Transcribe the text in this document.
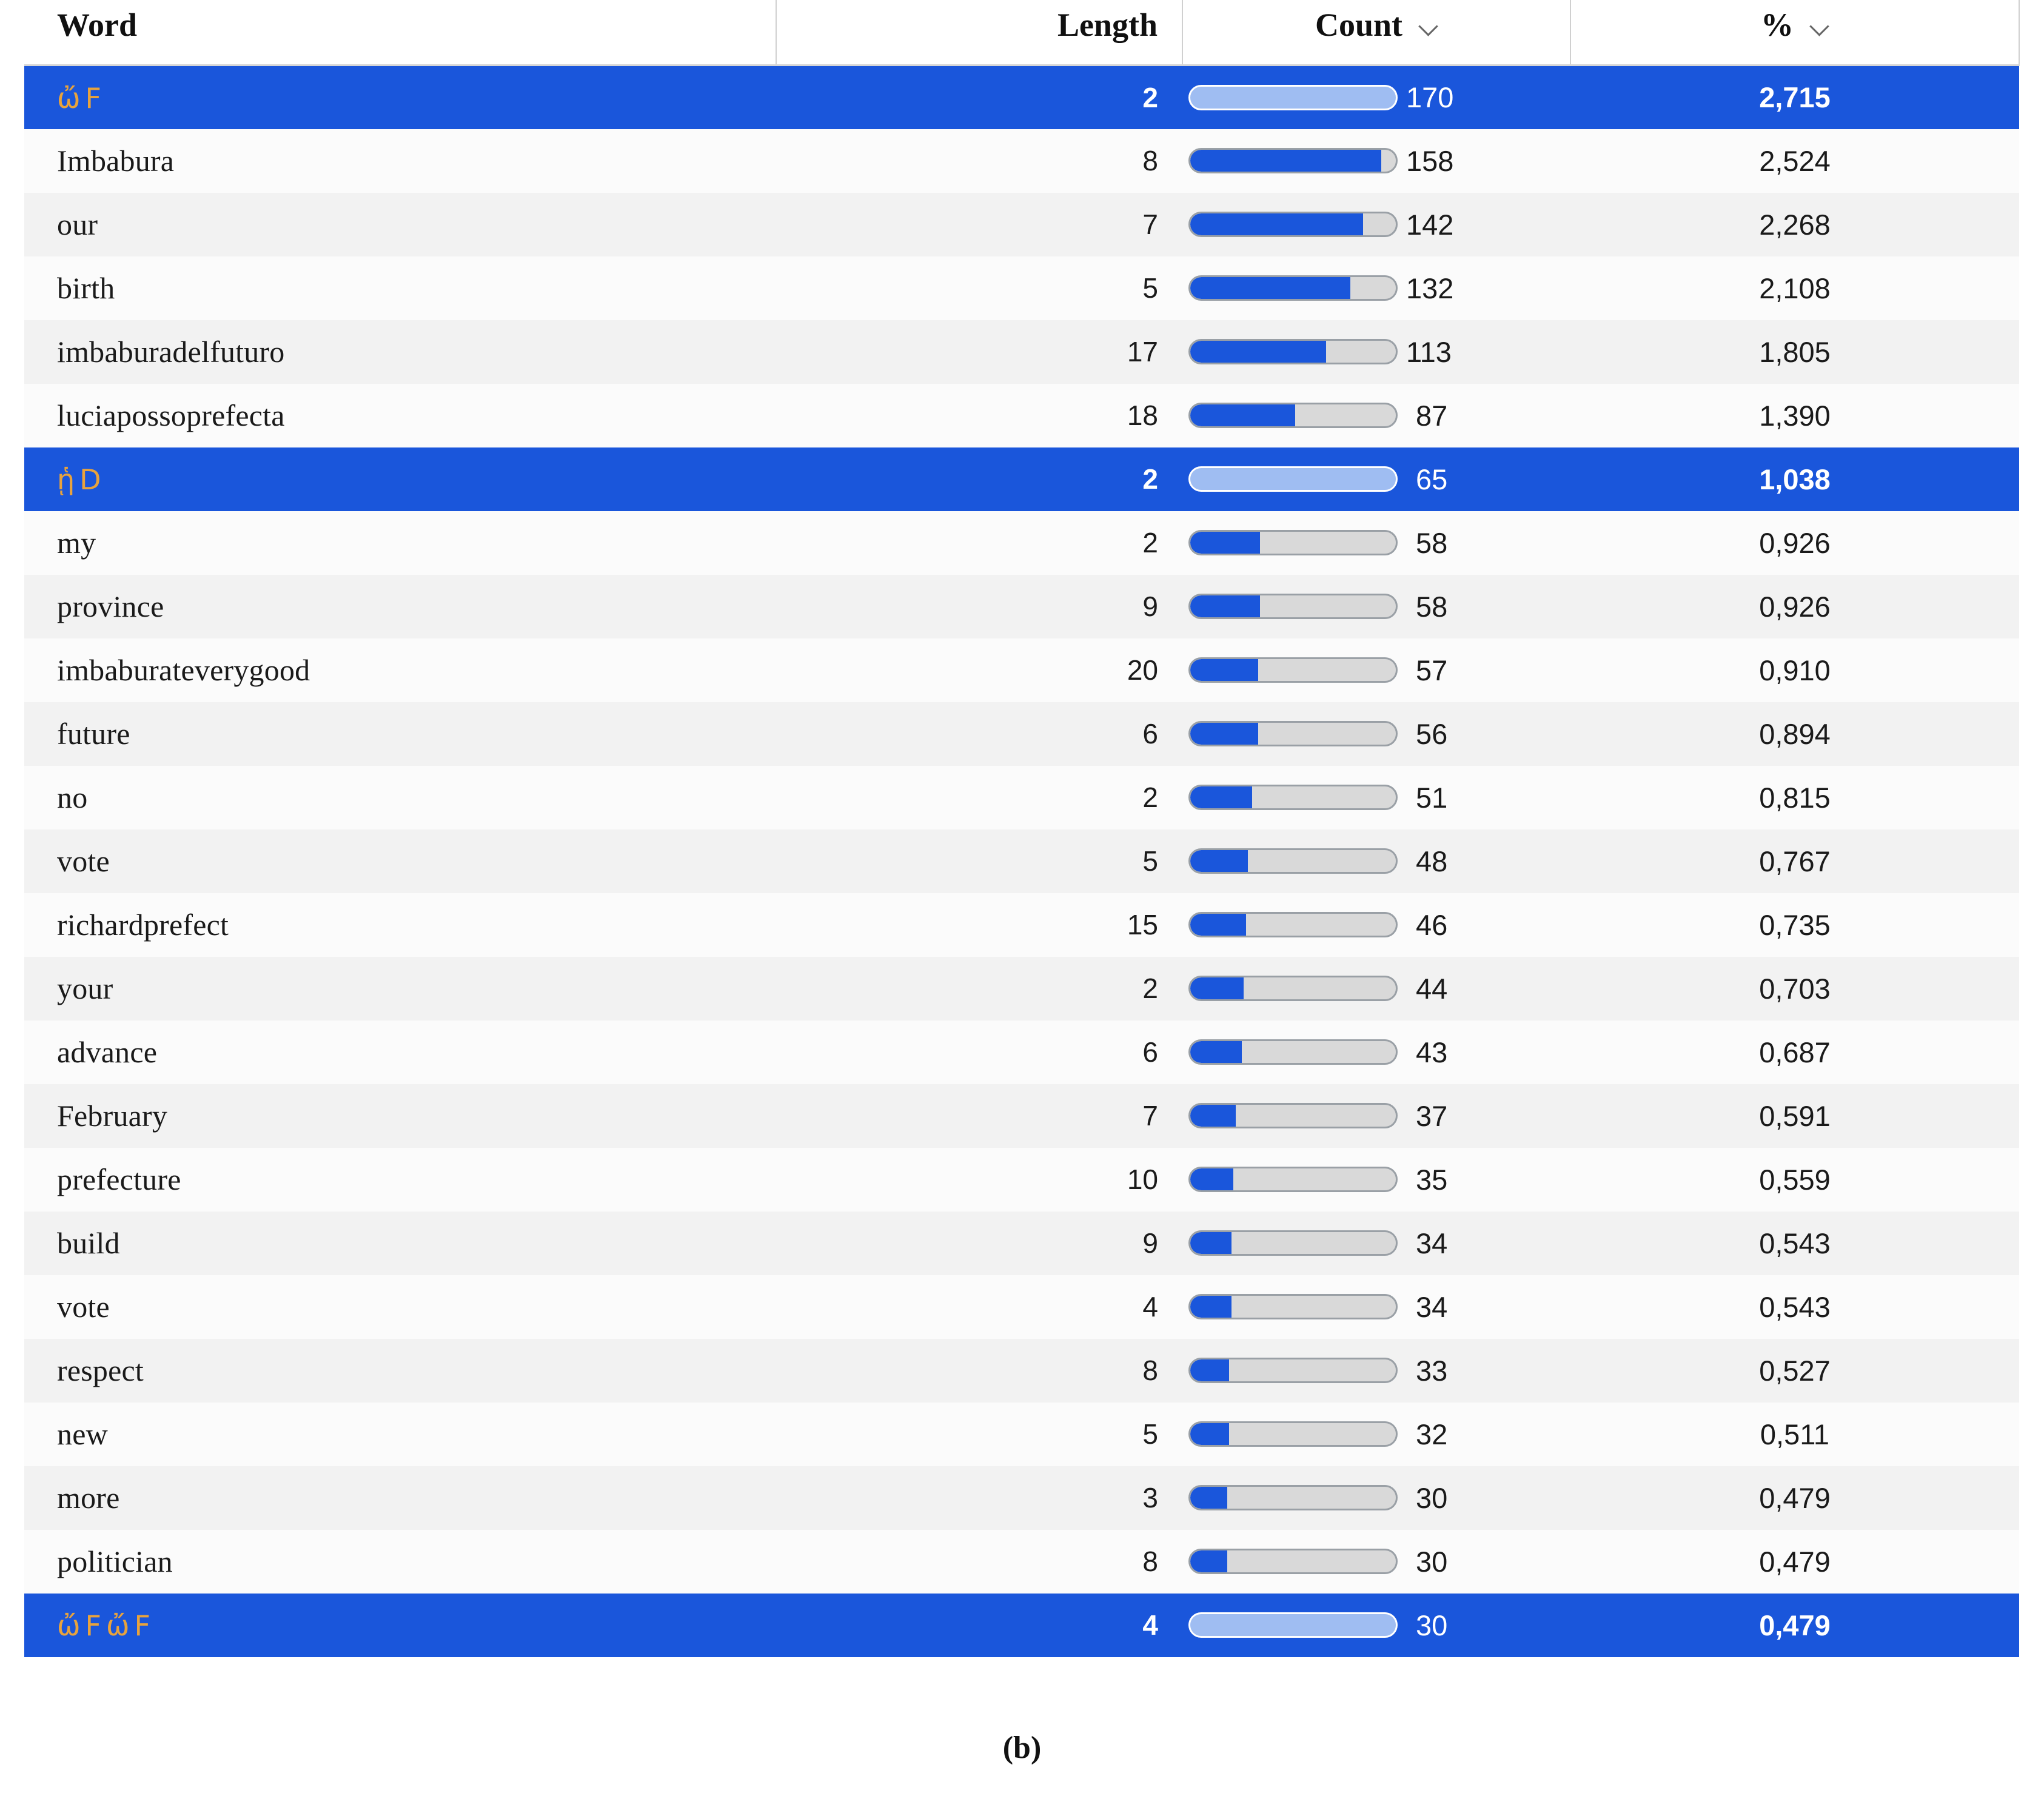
Word	Length	Count	%

ὤF	2	170	2,715
Imbabura	8	158	2,524
our	7	142	2,268
birth	5	132	2,108
imbaburadelfuturo	17	113	1,805
luciapossoprefecta	18	87	1,390
ᾑD	2	65	1,038
my	2	58	0,926
province	9	58	0,926
imbaburateverygood	20	57	0,910
future	6	56	0,894
no	2	51	0,815
vote	5	48	0,767
richardprefect	15	46	0,735
your	2	44	0,703
advance	6	43	0,687
February	7	37	0,591
prefecture	10	35	0,559
build	9	34	0,543
vote	4	34	0,543
respect	8	33	0,527
new	5	32	0,511
more	3	30	0,479
politician	8	30	0,479
ὤFὤF	4	30	0,479
(b)
